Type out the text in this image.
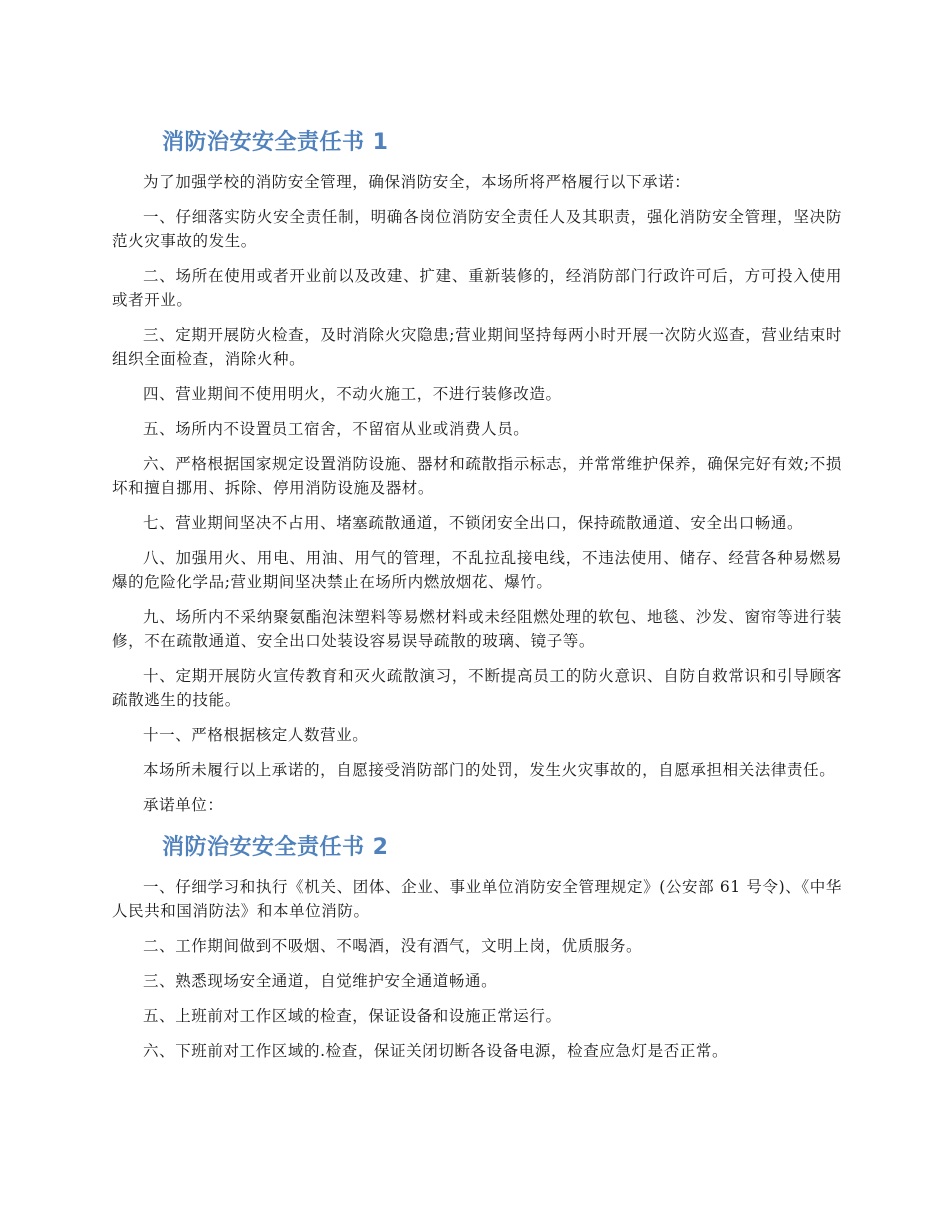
消防治安安全责任书 1

为了加强学校的消防安全管理，确保消防安全，本场所将严格履行以下承诺：

一、仔细落实防火安全责任制，明确各岗位消防安全责任人及其职责，强化消防安全管理，坚决防范火灾事故的发生。

二、场所在使用或者开业前以及改建、扩建、重新装修的，经消防部门行政许可后，方可投入使用或者开业。

三、定期开展防火检查，及时消除火灾隐患;营业期间坚持每两小时开展一次防火巡查，营业结束时组织全面检查，消除火种。

四、营业期间不使用明火，不动火施工，不进行装修改造。

五、场所内不设置员工宿舍，不留宿从业或消费人员。

六、严格根据国家规定设置消防设施、器材和疏散指示标志，并常常维护保养，确保完好有效;不损坏和擅自挪用、拆除、停用消防设施及器材。

七、营业期间坚决不占用、堵塞疏散通道，不锁闭安全出口，保持疏散通道、安全出口畅通。

八、加强用火、用电、用油、用气的管理，不乱拉乱接电线，不违法使用、储存、经营各种易燃易爆的危险化学品;营业期间坚决禁止在场所内燃放烟花、爆竹。

九、场所内不采纳聚氨酯泡沫塑料等易燃材料或未经阻燃处理的软包、地毯、沙发、窗帘等进行装修，不在疏散通道、安全出口处装设容易误导疏散的玻璃、镜子等。

十、定期开展防火宣传教育和灭火疏散演习，不断提高员工的防火意识、自防自救常识和引导顾客疏散逃生的技能。

十一、严格根据核定人数营业。

本场所未履行以上承诺的，自愿接受消防部门的处罚，发生火灾事故的，自愿承担相关法律责任。

承诺单位：

消防治安安全责任书 2

一、仔细学习和执行《机关、团体、企业、事业单位消防安全管理规定》(公安部 61 号令)、《中华人民共和国消防法》和本单位消防。

二、工作期间做到不吸烟、不喝酒，没有酒气，文明上岗，优质服务。

三、熟悉现场安全通道，自觉维护安全通道畅通。

五、上班前对工作区域的检查，保证设备和设施正常运行。

六、下班前对工作区域的.检查，保证关闭切断各设备电源，检查应急灯是否正常。
